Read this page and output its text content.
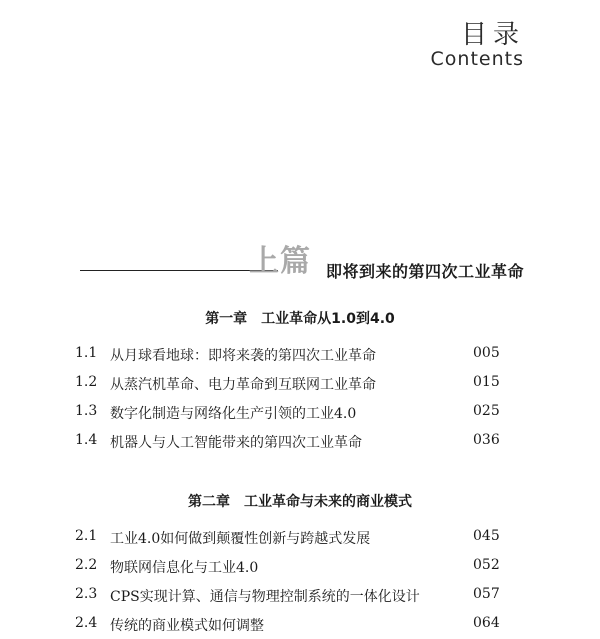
目录
Contents
上篇 即将到来的第四次工业革命
第一章　工业革命从1.0到4.0
1.1 从月球看地球：即将来袭的第四次工业革命	005
1.2 从蒸汽机革命、电力革命到互联网工业革命	015
1.3 数字化制造与网络化生产引领的工业4.0	025
1.4 机器人与人工智能带来的第四次工业革命	036
第二章　工业革命与未来的商业模式
2.1 工业4.0如何做到颠覆性创新与跨越式发展	045
2.2 物联网信息化与工业4.0	052
2.3 CPS实现计算、通信与物理控制系统的一体化设计	057
2.4 传统的商业模式如何调整	064
